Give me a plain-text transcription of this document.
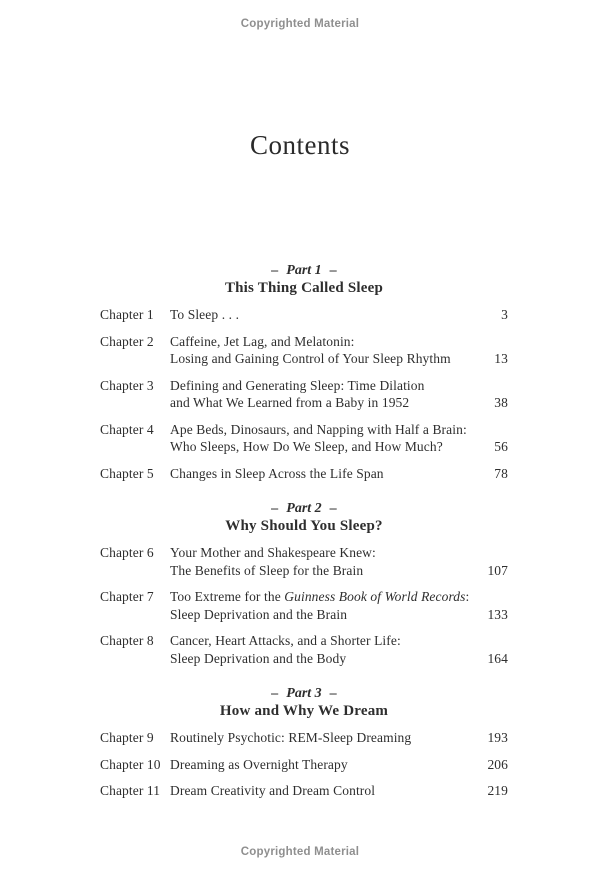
Copyrighted Material
Contents
– Part 1 –
This Thing Called Sleep
Chapter 1	To Sleep . . .	3
Chapter 2	Caffeine, Jet Lag, and Melatonin:
Losing and Gaining Control of Your Sleep Rhythm	13
Chapter 3	Defining and Generating Sleep: Time Dilation
and What We Learned from a Baby in 1952	38
Chapter 4	Ape Beds, Dinosaurs, and Napping with Half a Brain:
Who Sleeps, How Do We Sleep, and How Much?	56
Chapter 5	Changes in Sleep Across the Life Span	78
– Part 2 –
Why Should You Sleep?
Chapter 6	Your Mother and Shakespeare Knew:
The Benefits of Sleep for the Brain	107
Chapter 7	Too Extreme for the Guinness Book of World Records:
Sleep Deprivation and the Brain	133
Chapter 8	Cancer, Heart Attacks, and a Shorter Life:
Sleep Deprivation and the Body	164
– Part 3 –
How and Why We Dream
Chapter 9	Routinely Psychotic: REM-Sleep Dreaming	193
Chapter 10 Dreaming as Overnight Therapy	206
Chapter 11 Dream Creativity and Dream Control	219
Copyrighted Material
